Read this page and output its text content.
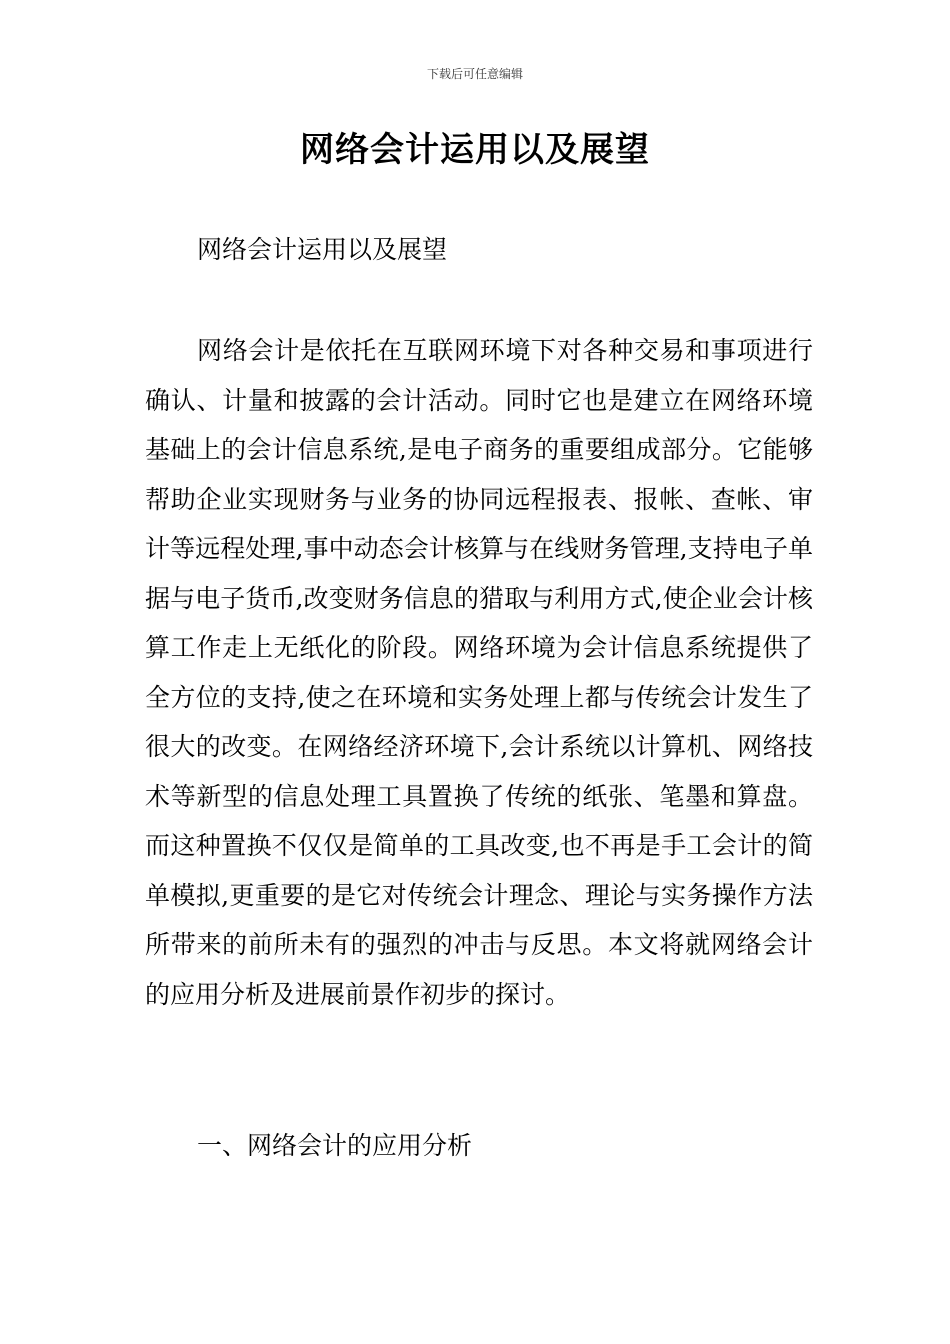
下载后可任意编辑
网络会计运用以及展望
网络会计运用以及展望

网络会计是依托在互联网环境下对各种交易和事项进行确认、计量和披露的会计活动。同时它也是建立在网络环境基础上的会计信息系统,是电子商务的重要组成部分。它能够帮助企业实现财务与业务的协同远程报表、报帐、查帐、审计等远程处理,事中动态会计核算与在线财务管理,支持电子单据与电子货币,改变财务信息的猎取与利用方式,使企业会计核算工作走上无纸化的阶段。网络环境为会计信息系统提供了全方位的支持,使之在环境和实务处理上都与传统会计发生了很大的改变。在网络经济环境下,会计系统以计算机、网络技术等新型的信息处理工具置换了传统的纸张、笔墨和算盘。而这种置换不仅仅是简单的工具改变,也不再是手工会计的简单模拟,更重要的是它对传统会计理念、理论与实务操作方法所带来的前所未有的强烈的冲击与反思。本文将就网络会计的应用分析及进展前景作初步的探讨。

一、网络会计的应用分析
